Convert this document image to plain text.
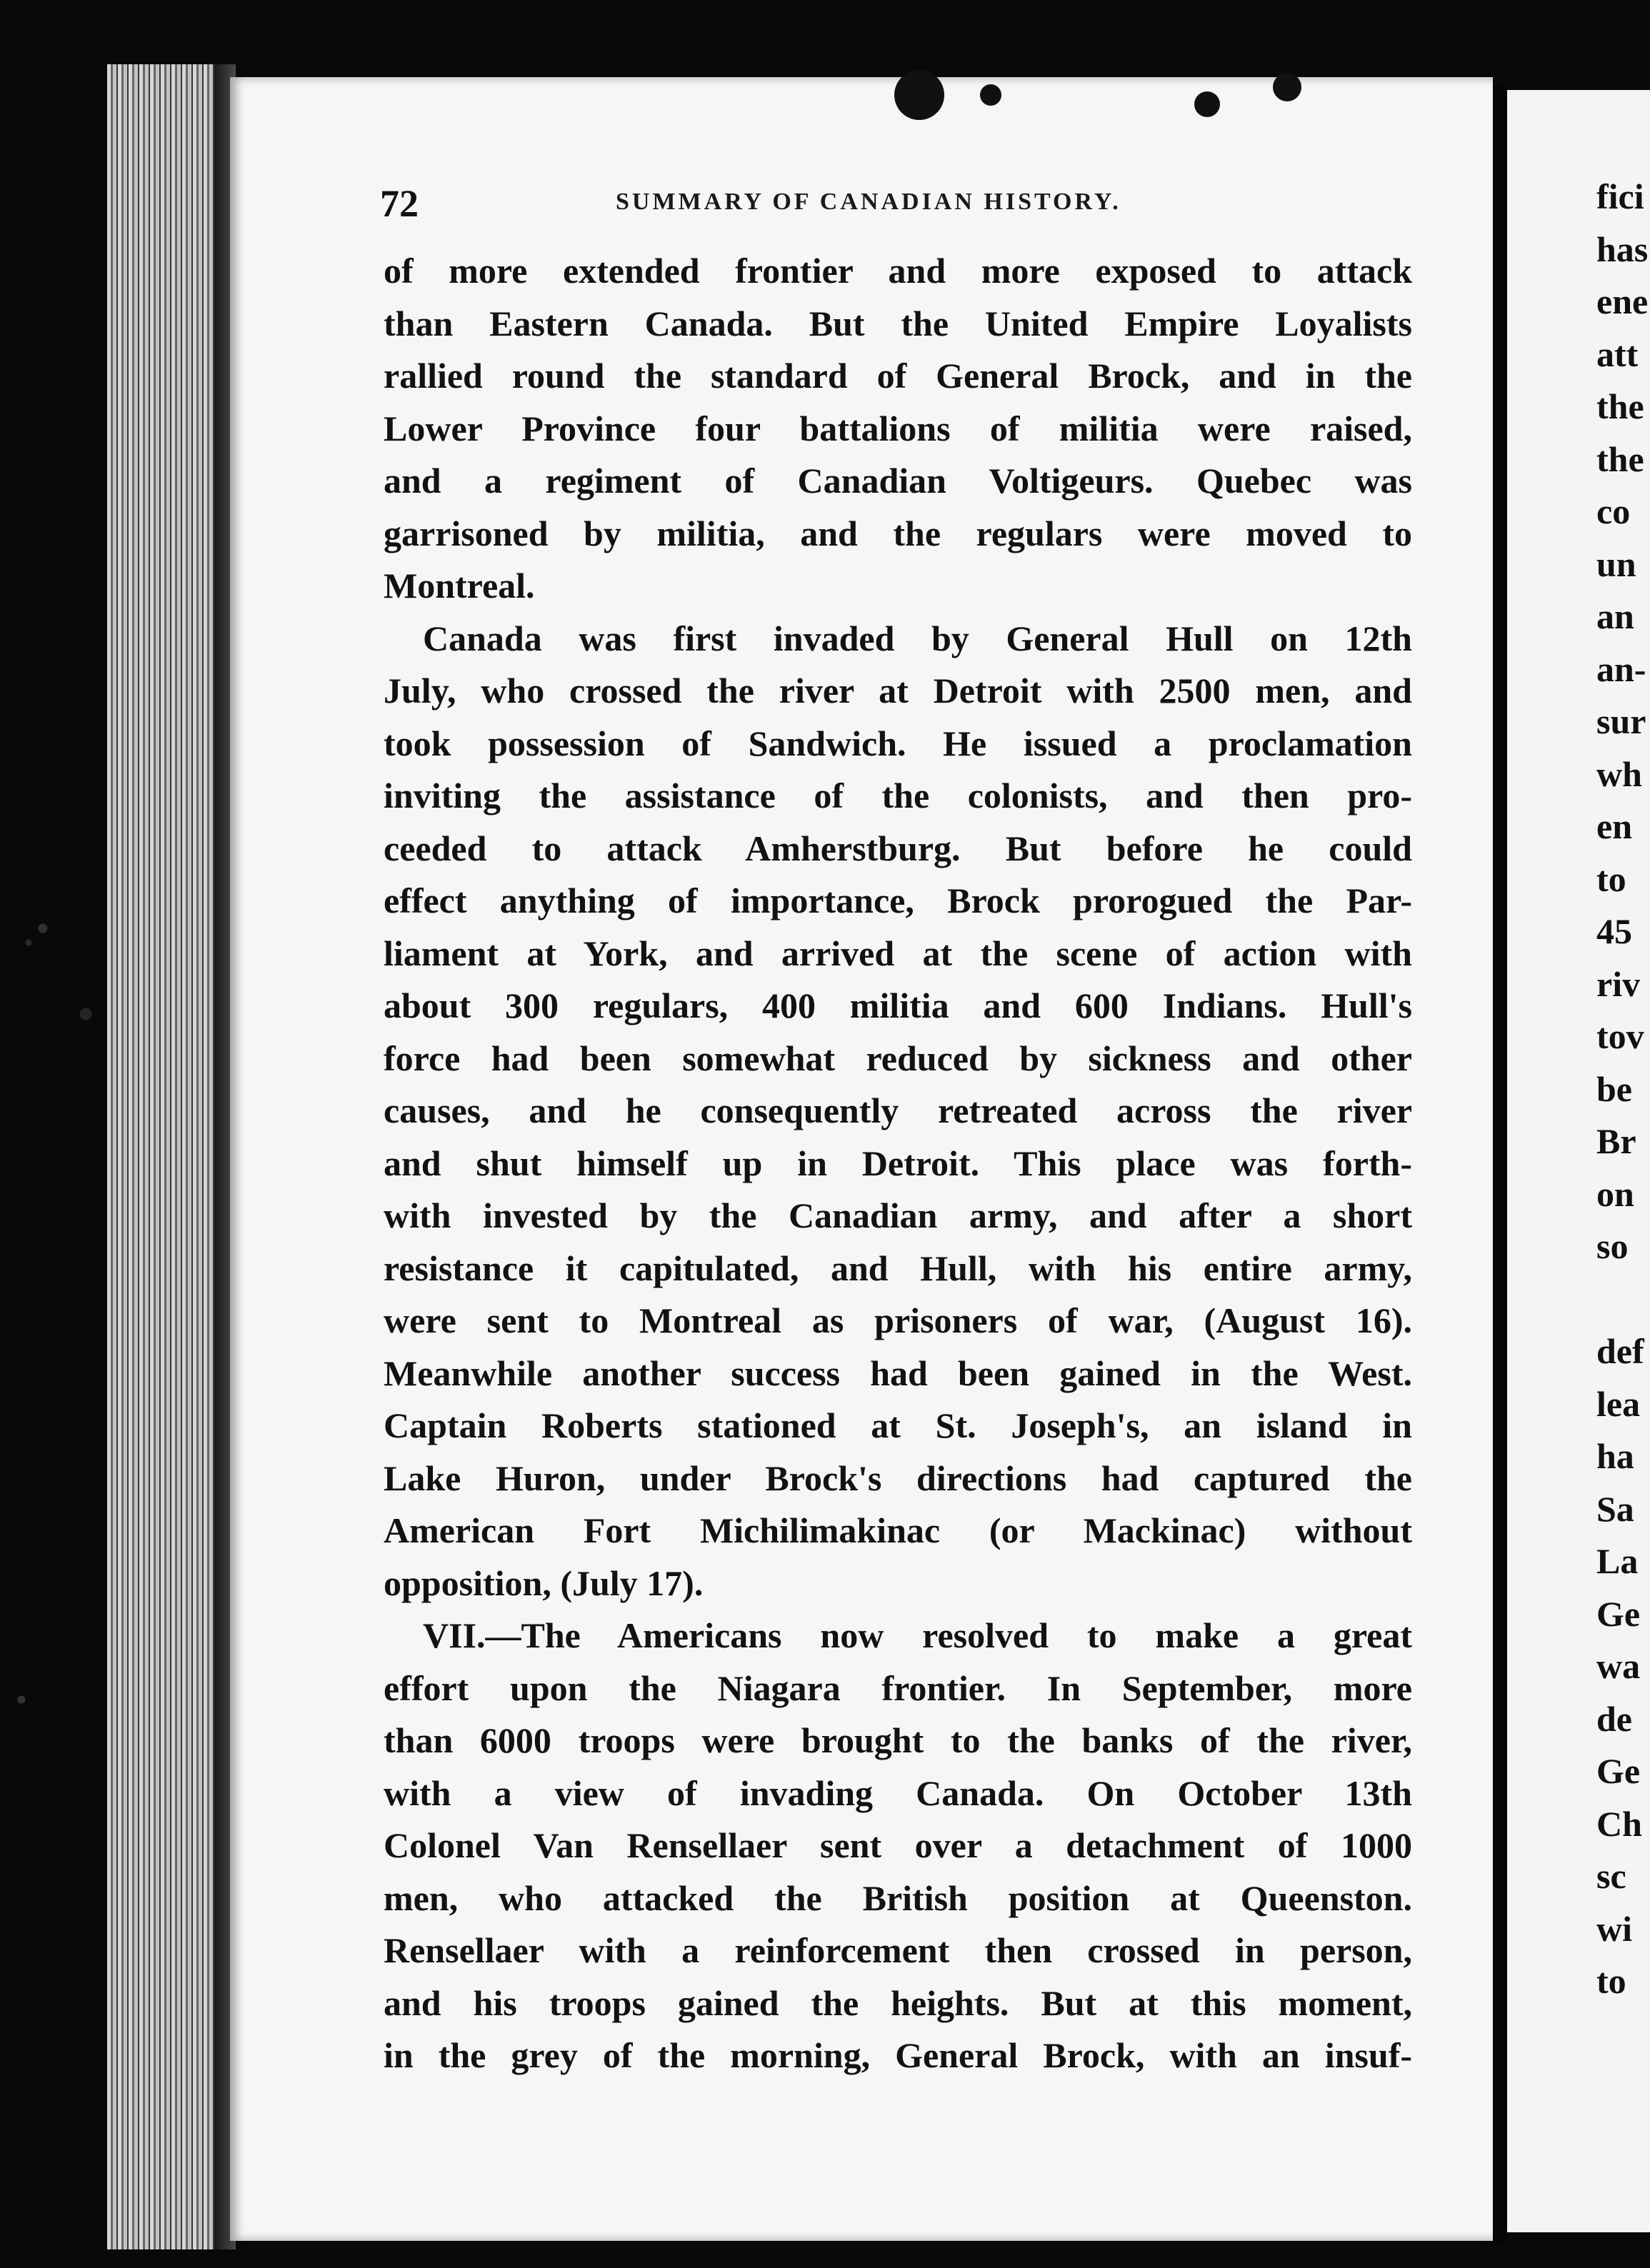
fici
has
ene
att
the
the
co
un
an
an-
sur
wh
en
to
45
riv
tov
be
Br
on
so
def
lea
ha
Sa
La
Ge
wa
de
Ge
Ch
sc
wi
to
72	SUMMARY OF CANADIAN HISTORY.
of more extended frontier and more exposed to attack
than Eastern Canada. But the United Empire Loyalists
rallied round the standard of General Brock, and in the
Lower Province four battalions of militia were raised,
and a regiment of Canadian Voltigeurs. Quebec was
garrisoned by militia, and the regulars were moved to
Montreal.
Canada was first invaded by General Hull on 12th
July, who crossed the river at Detroit with 2500 men, and
took possession of Sandwich. He issued a proclamation
inviting the assistance of the colonists, and then pro-
ceeded to attack Amherstburg. But before he could
effect anything of importance, Brock prorogued the Par-
liament at York, and arrived at the scene of action with
about 300 regulars, 400 militia and 600 Indians. Hull's
force had been somewhat reduced by sickness and other
causes, and he consequently retreated across the river
and shut himself up in Detroit. This place was forth-
with invested by the Canadian army, and after a short
resistance it capitulated, and Hull, with his entire army,
were sent to Montreal as prisoners of war, (August 16).
Meanwhile another success had been gained in the West.
Captain Roberts stationed at St. Joseph's, an island in
Lake Huron, under Brock's directions had captured the
American Fort Michilimakinac (or Mackinac) without
opposition, (July 17).
VII.—The Americans now resolved to make a great
effort upon the Niagara frontier. In September, more
than 6000 troops were brought to the banks of the river,
with a view of invading Canada. On October 13th
Colonel Van Rensellaer sent over a detachment of 1000
men, who attacked the British position at Queenston.
Rensellaer with a reinforcement then crossed in person,
and his troops gained the heights. But at this moment,
in the grey of the morning, General Brock, with an insuf-
